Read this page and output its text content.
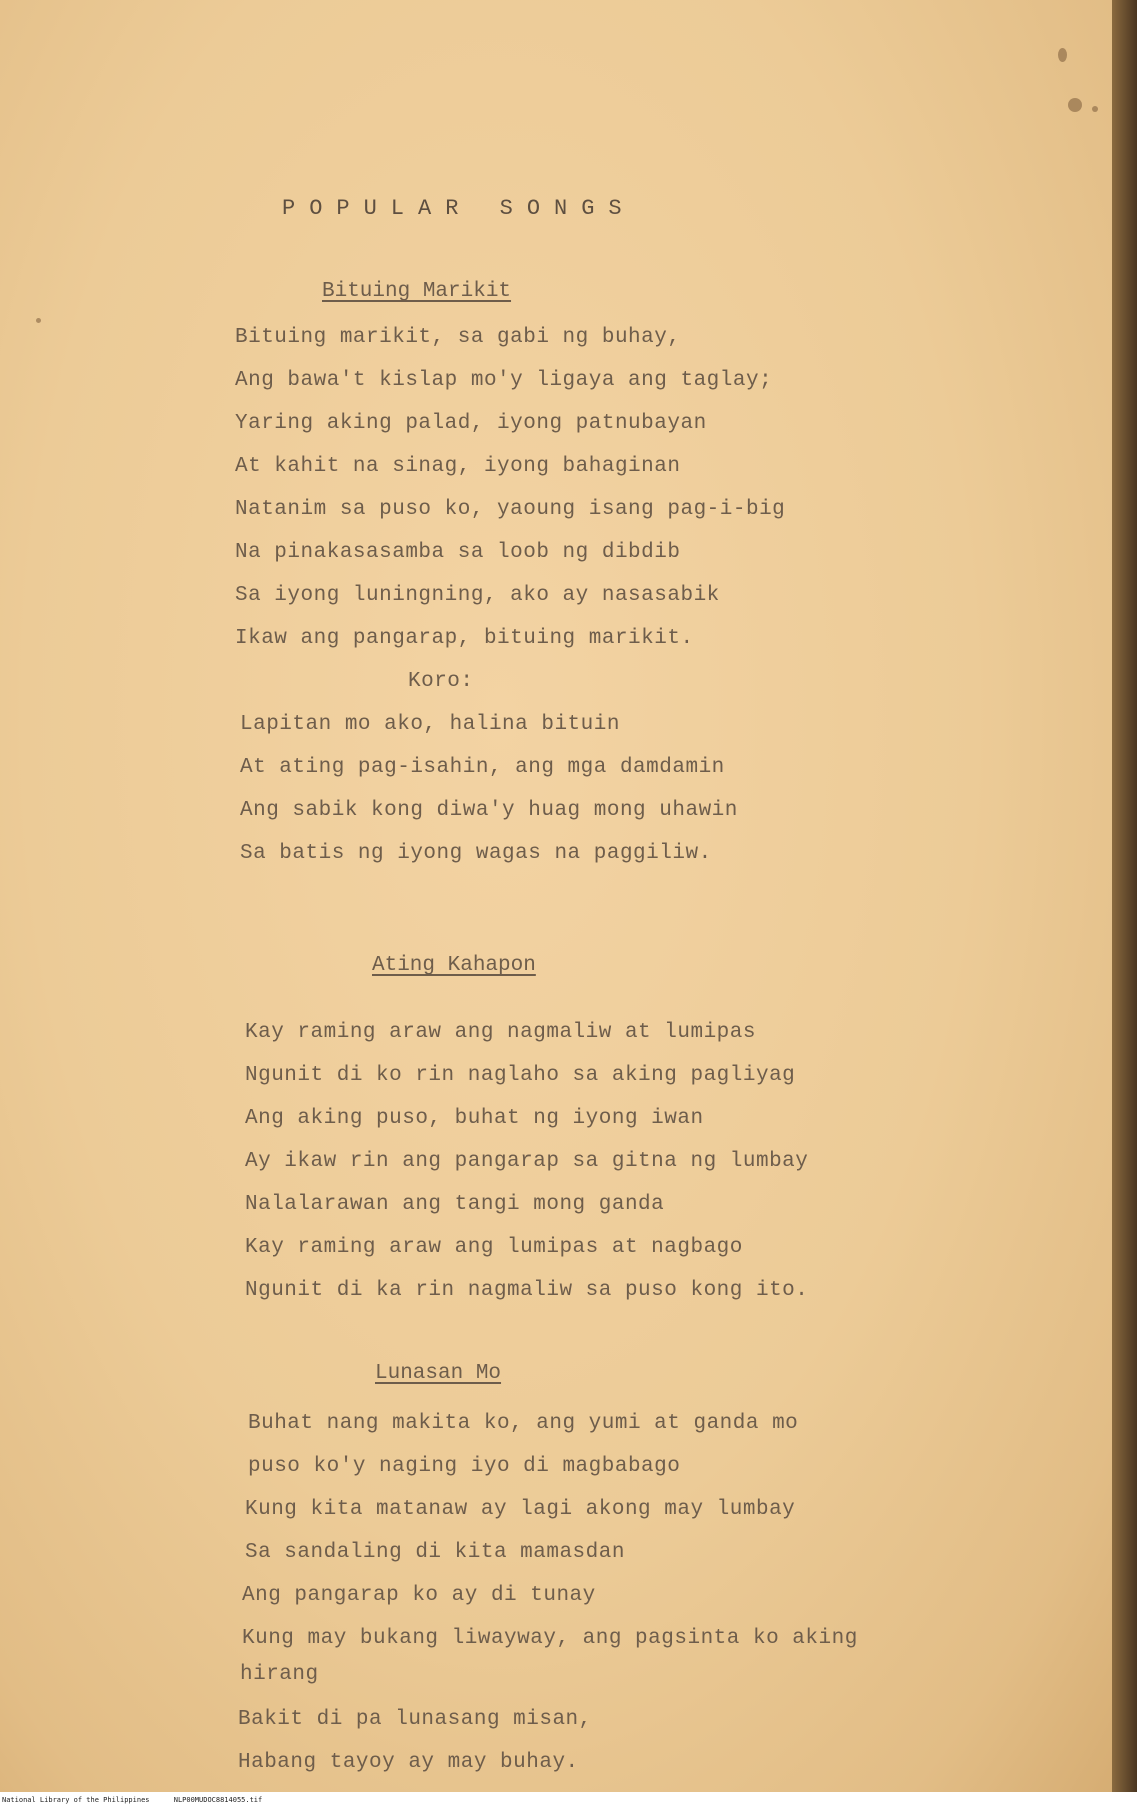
POPULAR SONGS
Bituing Marikit
Bituing marikit, sa gabi ng buhay,
Ang bawa't kislap mo'y ligaya ang taglay;
Yaring aking palad, iyong patnubayan
At kahit na sinag, iyong bahaginan
Natanim sa puso ko, yaoung isang pag-i-big
Na pinakasasamba sa loob ng dibdib
Sa iyong luningning, ako ay nasasabik
Ikaw ang pangarap, bituing marikit.
Koro:
Lapitan mo ako, halina bituin
At ating pag-isahin, ang mga damdamin
Ang sabik kong diwa'y huag mong uhawin
Sa batis ng iyong wagas na paggiliw.
Ating Kahapon
Kay raming araw ang nagmaliw at lumipas
Ngunit di ko rin naglaho sa aking pagliyag
Ang aking puso, buhat ng iyong iwan
Ay ikaw rin ang pangarap sa gitna ng lumbay
Nalalarawan ang tangi mong ganda
Kay raming araw ang lumipas at nagbago
Ngunit di ka rin nagmaliw sa puso kong ito.
Lunasan Mo
Buhat nang makita ko, ang yumi at ganda mo
puso ko'y naging iyo di magbabago
Kung kita matanaw ay lagi akong may lumbay
Sa sandaling di kita mamasdan
Ang pangarap ko ay di tunay
Kung may bukang liwayway, ang pagsinta ko aking
hirang
Bakit di pa lunasang misan,
Habang tayoy ay may buhay.
National Library of the Philippines	NLP00MUDOC8814055.tif
